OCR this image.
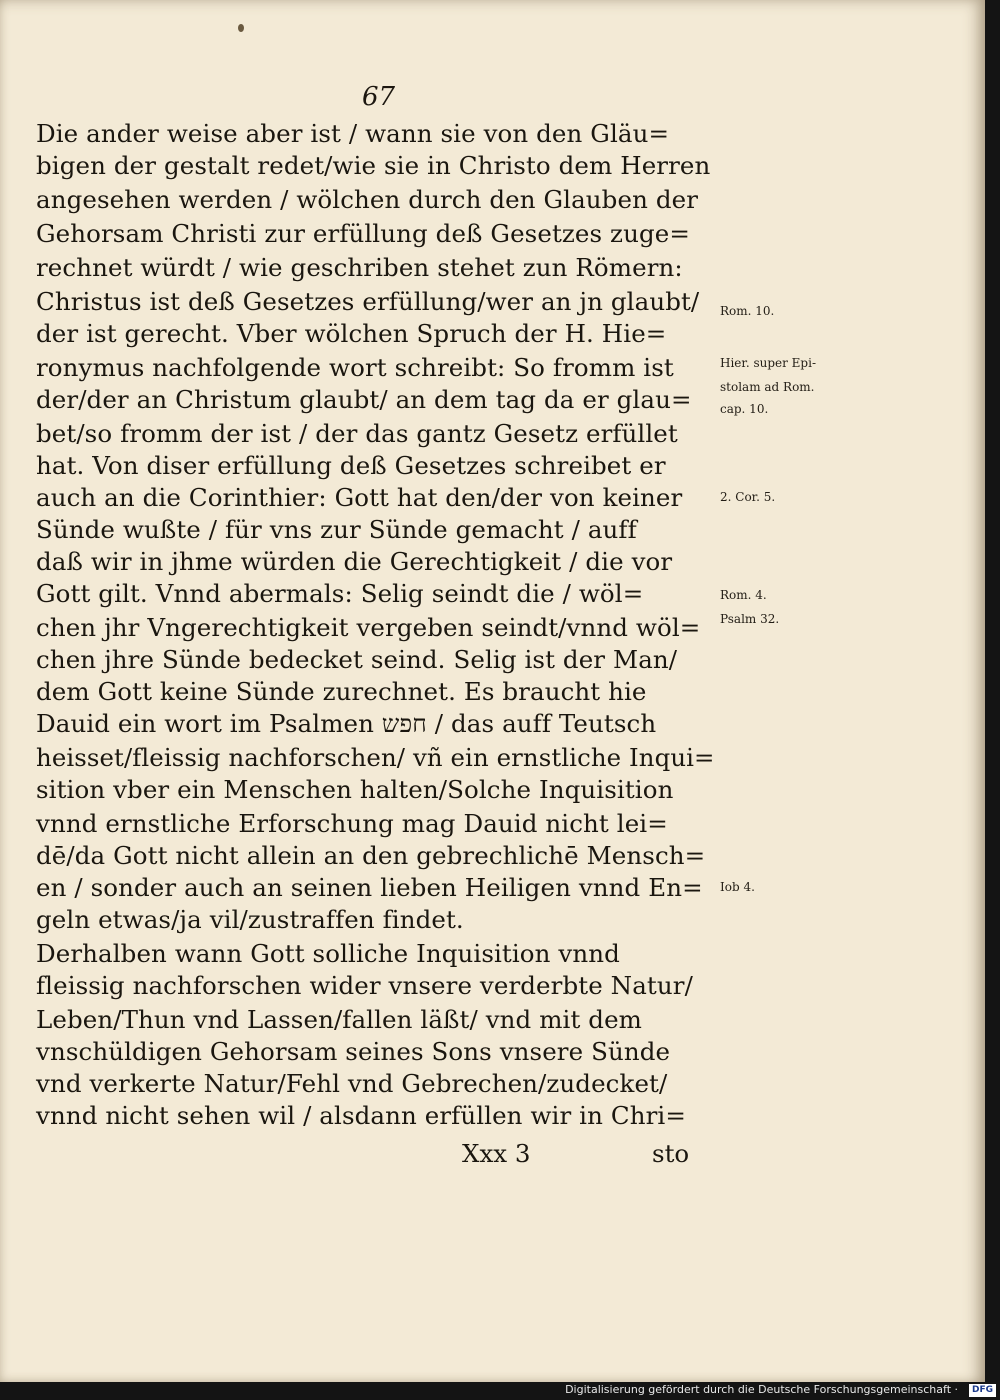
67
Die ander weise aber ist / wann sie von den Gläu=
bigen der gestalt redet/wie sie in Christo dem Herren
angesehen werden / wölchen durch den Glauben der
Gehorsam Christi zur erfüllung deß Gesetzes zuge=
rechnet würdt / wie geschriben stehet zun Römern:
Christus ist deß Gesetzes erfüllung/wer an jn glaubt/
der ist gerecht. Vber wölchen Spruch der H. Hie=
ronymus nachfolgende wort schreibt: So fromm ist
der/der an Christum glaubt/ an dem tag da er glau=
bet/so fromm der ist / der das gantz Gesetz erfüllet
hat. Von diser erfüllung deß Gesetzes schreibet er
auch an die Corinthier: Gott hat den/der von keiner
Sünde wußte / für vns zur Sünde gemacht / auff
daß wir in jhme würden die Gerechtigkeit / die vor
Gott gilt. Vnnd abermals: Selig seindt die / wöl=
chen jhr Vngerechtigkeit vergeben seindt/vnnd wöl=
chen jhre Sünde bedecket seind. Selig ist der Man/
dem Gott keine Sünde zurechnet. Es braucht hie
Dauid ein wort im Psalmen חפש / das auff Teutsch
heisset/fleissig nachforschen/ vñ ein ernstliche Inqui=
sition vber ein Menschen halten/Solche Inquisition
vnnd ernstliche Erforschung mag Dauid nicht lei=
dē/da Gott nicht allein an den gebrechlichē Mensch=
en / sonder auch an seinen lieben Heiligen vnnd En=
geln etwas/ja vil/zustraffen findet.
Derhalben wann Gott solliche Inquisition vnnd
fleissig nachforschen wider vnsere verderbte Natur/
Leben/Thun vnd Lassen/fallen läßt/ vnd mit dem
vnschüldigen Gehorsam seines Sons vnsere Sünde
vnd verkerte Natur/Fehl vnd Gebrechen/zudecket/
vnnd nicht sehen wil / alsdann erfüllen wir in Chri=
Rom. 10.
Hier. super Epi-
stolam ad Rom.
cap. 10.
2. Cor. 5.
Rom. 4.
Psalm 32.
Iob 4.
Xxx 3	sto
Digitalisierung gefördert durch die Deutsche Forschungsgemeinschaft ·	DFG
